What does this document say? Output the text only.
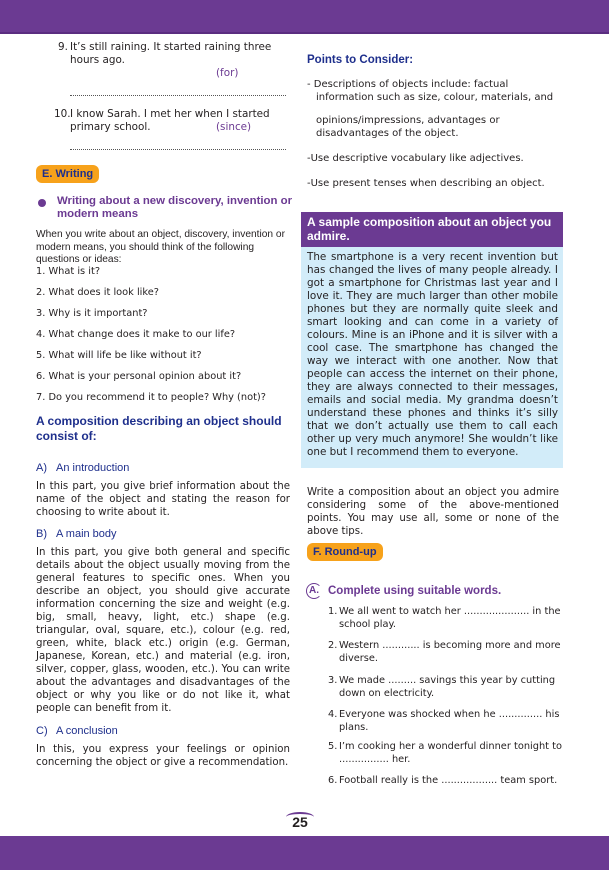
9. It’s still raining. It started raining three hours ago.
(for)
10. I know Sarah. I met her when I started primary school.	(since)
E. Writing
Writing about a new discovery, invention or modern means
When you write about an object, discovery, invention or modern means, you should think of the following questions or ideas:
1. What is it?
2. What does it look like?
3. Why is it important?
4. What change does it make to our life?
5. What will life be like without it?
6. What is your personal opinion about it?
7. Do you recommend it to people? Why (not)?
A composition describing an object should consist of:
A) An introduction
In this part, you give brief information about the name of the object and stating the reason for choosing to write about it.
B) A main body
In this part, you give both general and specific details about the object usually moving from the general features to specific ones. When you describe an object, you should give accurate information concerning the size and weight (e.g. big, small, heavy, light, etc.) shape (e.g. triangular, oval, square, etc.), colour (e.g. red, green, white, black etc.) origin (e.g. German, Japanese, Korean, etc.) and material (e.g. iron, silver, copper, glass, wooden, etc.). You can write about the advantages and disadvantages of the object or why you like or do not like it, what people can benefit from it.
C) A conclusion
In this, you express your feelings or opinion concerning the object or give a recommendation.
Points to Consider:
- Descriptions of objects include: factual information such as size, colour, materials, and
opinions/impressions, advantages or disadvantages of the object.
-Use descriptive vocabulary like adjectives.
-Use present tenses when describing an object.
A sample composition about an object you admire.
The smartphone is a very recent invention but has changed the lives of many people already. I got a smartphone for Christmas last year and I love it. They are much larger than other mobile phones but they are normally quite sleek and smart looking and can come in a variety of colours. Mine is an iPhone and it is silver with a cool case. The smartphone has changed the way we interact with one another. Now that people can access the internet on their phone, they are always connected to their messages, emails and social media. My grandma doesn’t understand these phones and thinks it’s silly that we don’t actually use them to call each other up very much anymore! She wouldn’t like one but I recommend them to everyone.
Write a composition about an object you admire considering some of the above-mentioned points. You may use all, some or none of the above tips.
F. Round-up
A. Complete using suitable words.
1. We all went to watch her ..................... in the school play.
2. Western ............ is becoming more and more diverse.
3. We made ......... savings this year by cutting down on electricity.
4. Everyone was shocked when he .............. his plans.
5. I’m cooking her a wonderful dinner tonight to ................ her.
6. Football really is the .................. team sport.
25
